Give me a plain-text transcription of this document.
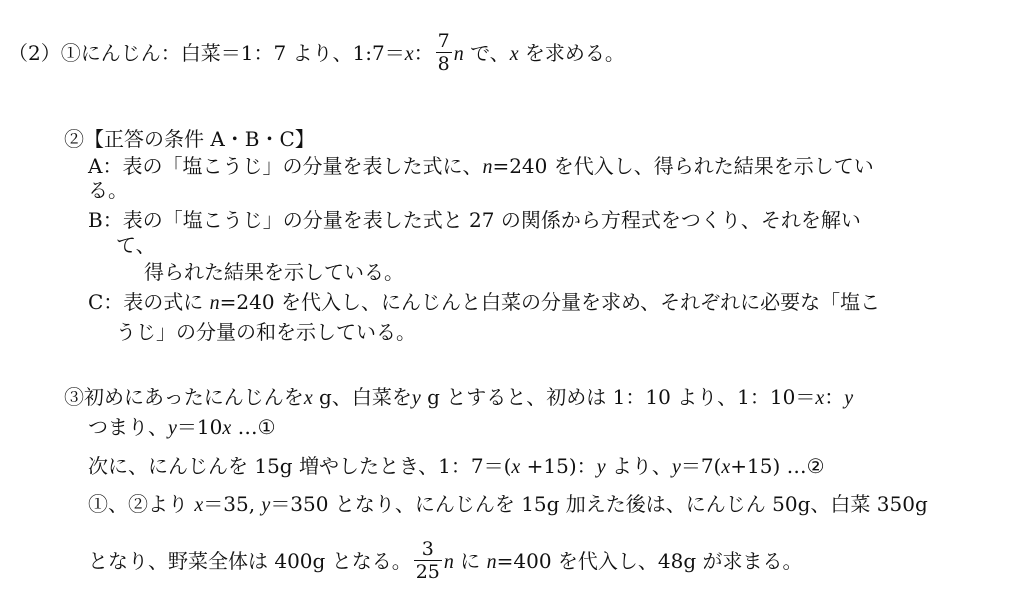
（2）①にんじん：白菜＝1：7 より、1:7＝x： $\frac{7}{8}$ n で、x を求める。
②【正答の条件 A・B・C】
A：表の「塩こうじ」の分量を表した式に、n=240 を代入し、得られた結果を示してい
る。
B：表の「塩こうじ」の分量を表した式と 27 の関係から方程式をつくり、それを解い
て、
得られた結果を示している。
C：表の式に n=240 を代入し、にんじんと白菜の分量を求め、それぞれに必要な「塩こ
うじ」の分量の和を示している。
③初めにあったにんじんをx g、白菜をy g とすると、初めは 1：10 より、1：10＝x：y
つまり、y＝10x …①
次に、にんじんを 15g 増やしたとき、1：7＝(x +15)：y より、y＝7(x+15) …②
①、②より x＝35, y＝350 となり、にんじんを 15g 加えた後は、にんじん 50g、白菜 350g
となり、野菜全体は 400g となる。 $\frac{3}{25}$ n に n=400 を代入し、48g が求まる。
